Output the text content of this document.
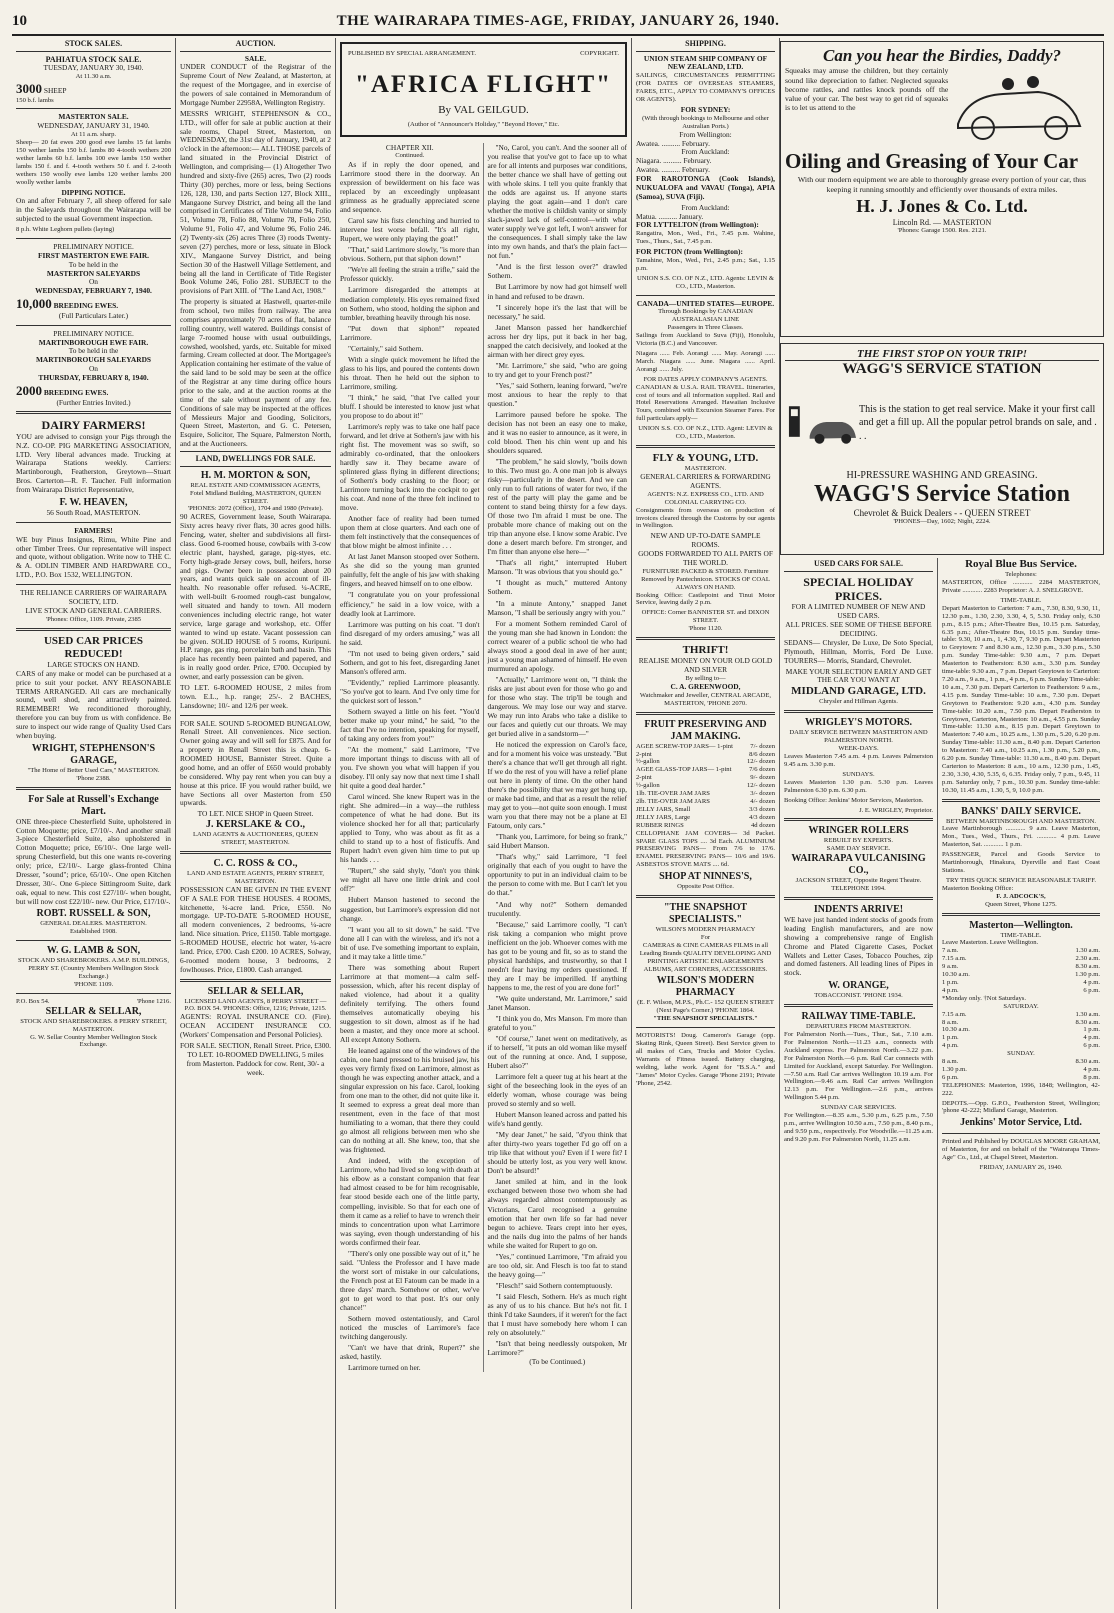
10	THE WAIRARAPA TIMES-AGE, FRIDAY, JANUARY 26, 1940.
STOCK SALES.
PAHIATUA STOCK SALE.
TUESDAY, JANUARY 30, 1940.
At 11.30 a.m.
3000 SHEEP
150 b.f. lambs
MASTERTON SALE.
WEDNESDAY, JANUARY 31, 1940.
At 11 a.m. sharp.

Sheep— 20 fat ewes 200 good ewe lambs 15 fat lambs 150 wether lambs 150 b.f. lambs 80 4-tooth wethers 200 wether lambs 60 b.f. lambs 100 ewe lambs 150 wether lambs 150 f. and f. 4-tooth wethers 50 f. and f. 2-tooth wethers 150 woolly ewe lambs 120 wether lambs 200 woolly wether lambs

DIPPING NOTICE.

On and after February 7, all sheep offered for sale in the Saleyards throughout the Wairarapa will be subjected to the usual Government inspection.

8 p.h. White Leghorn pullets (laying)

PRELIMINARY NOTICE.
FIRST MASTERTON EWE FAIR.
To be held in the
MASTERTON SALEYARDS
On
WEDNESDAY, FEBRUARY 7, 1940.
10,000 BREEDING EWES.
(Full Particulars Later.)
PRELIMINARY NOTICE.
MARTINBOROUGH EWE FAIR.
To be held in the
MARTINBOROUGH SALEYARDS
On
THURSDAY, FEBRUARY 8, 1940.
2000 BREEDING EWES.
(Further Entries Invited.)
DAIRY FARMERS!

YOU are advised to consign your Pigs through the N.Z. CO-OP. PIG MARKETING ASSOCIATION, LTD. Very liberal advances made. Trucking at Wairarapa Stations weekly. Carriers: Martinborough, Featherston, Greytown—Stuart Bros. Carterton—R. F. Taucher. Full information from Wairarapa District Representative,

F. W. HEAVEN,
56 South Road, MASTERTON.
FARMERS!

WE buy Pinus Insignus, Rimu, White Pine and other Timber Trees. Our representative will inspect and quote, without obligation. Write now to THE C. & A. ODLIN TIMBER AND HARDWARE CO., LTD., P.O. Box 1532, WELLINGTON.

THE RELIANCE CARRIERS OF WAIRARAPA SOCIETY, LTD.
LIVE STOCK AND GENERAL CARRIERS.
'Phones: Office, 1109. Private, 2385
USED CAR PRICES REDUCED!
LARGE STOCKS ON HAND.

CARS of any make or model can be purchased at a price to suit your pocket. ANY REASONABLE TERMS ARRANGED. All cars are mechanically sound, well shod, and attractively painted. REMEMBER! We reconditioned thoroughly, therefore you can buy from us with confidence. Be sure to inspect our wide range of Quality Used Cars when buying.

WRIGHT, STEPHENSON'S GARAGE,
"The Home of Better Used Cars," MASTERTON.
'Phone 2388.
For Sale at Russell's Exchange Mart.

ONE three-piece Chesterfield Suite, upholstered in Cotton Moquette; price, £7/10/-. And another small 3-piece Chesterfield Suite, also upholstered in Cotton Moquette; price, £6/10/-. One large well-sprung Chesterfield, but this one wants re-covering only; price, £2/10/-. Large glass-fronted China Dresser, "sound"; price, 65/10/-. One open Kitchen Dresser, 30/-. One 6-piece Sittingroom Suite, dark oak, equal to new. This cost £27/10/- when bought, but will now cost £22/10/- new. Our Price, £17/10/-.

ROBT. RUSSELL & SON,
GENERAL DEALERS. MASTERTON.
Established 1908.
W. G. LAMB & SON,
STOCK AND SHAREBROKERS. A.M.P. BUILDINGS, PERRY ST. (Country Members Wellington Stock Exchange.)
'PHONE 1109.
P.O. Box 54.	'Phone 1216.
SELLAR & SELLAR,
STOCK AND SHAREBROKERS. 8 PERRY STREET, MASTERTON.
G. W. Sellar Country Member Wellington Stock Exchange.
AUCTION.
SALE.

UNDER CONDUCT of the Registrar of the Supreme Court of New Zealand, at Masterton, at the request of the Mortgagee, and in exercise of the powers of sale contained in Memorandum of Mortgage Number 22958A, Wellington Registry.

MESSRS WRIGHT, STEPHENSON & CO., LTD., will offer for sale at public auction at their sale rooms, Chapel Street, Masterton, on WEDNESDAY, the 31st day of January, 1940, at 2 o'clock in the afternoon:— ALL THOSE parcels of land situated in the Provincial District of Wellington, and comprising— (1) Altogether Two hundred and sixty-five (265) acres, Two (2) roods Thirty (30) perches, more or less, being Sections 126, 128, 130, and parts Section 127, Block XIII., Mangaone Survey District, and being all the land comprised in Certificates of Title Volume 94, Folio 51, Volume 78, Folio 88, Volume 78, Folio 250, Volume 91, Folio 47, and Volume 96, Folio 246. (2) Twenty-six (26) acres Three (3) roods Twenty-seven (27) perches, more or less, situate in Block XIV., Mangaone Survey District, and being Section 30 of the Hastwell Village Settlement, and being all the land in Certificate of Title Register Book Volume 246, Folio 281. SUBJECT to the provisions of Part XIII. of "The Land Act, 1908."

The property is situated at Hastwell, quarter-mile from school, two miles from railway. The area comprises approximately 70 acres of flat, balance rolling country, well watered. Buildings consist of large 7-roomed house with usual outbuildings, cowshed, woolshed, yards, etc. Suitable for mixed farming. Cream collected at door. The Mortgagee's Application containing her estimate of the value of the said land to be sold may be seen at the office of the Registrar at any time during office hours prior to the sale, and at the auction rooms at the time of the sale without payment of any fee. Conditions of sale may be inspected at the offices of Messieurs Major and Gooding, Solicitors, Queen Street, Masterton, and G. C. Petersen, Esquire, Solicitor, The Square, Palmerston North, and at the Auctioneers.

LAND, DWELLINGS FOR SALE.
H. M. MORTON & SON,
REAL ESTATE AND COMMISSION AGENTS,
Fotel Midland Building, MASTERTON, QUEEN STREET.
'PHONES: 2072 (Office), 1704 and 1980 (Private).

90 ACRES, Government lease, South Wairarapa. Sixty acres heavy river flats, 30 acres good hills. Fencing, water, shelter and subdivisions all first-class. Good 6-roomed house, cowbails with 3-cow electric plant, hayshed, garage, pig-styes, etc. Forty high-grade Jersey cows, bull, heifers, horse and pigs. Owner been in possession about 20 years, and wants quick sale on account of ill-health. No reasonable offer refused. ¼-ACRE, with well-built 6-roomed rough-cast bungalow, well situated and handy to town. All modern conveniences including electric range, hot water service, large garage and workshop, etc. Offer wanted to wind up estate. Vacant possession can be given. SOLID HOUSE of 5 rooms, Kuripuni. H.P. range, gas ring, porcelain bath and basin. This place has recently been painted and papered, and is in really good order. Price, £700. Occupied by owner, and early possession can be given.

TO LET. 6-ROOMED HOUSE, 2 miles from town. E.L., h.p. range; 25/-. 2 BACHES, Lansdowne; 10/- and 12/6 per week.

FOR SALE. SOUND 5-ROOMED BUNGALOW, Renall Street. All conveniences. Nice section. Owner going away and will sell for £875. And for a property in Renall Street this is cheap. 6-ROOMED HOUSE, Bannister Street. Quite a good home, and an offer of £650 would probably be considered. Why pay rent when you can buy a house at this price. IF you would rather build, we have Sections all over Masterton from £50 upwards.

TO LET. NICE SHOP in Queen Street.
J. KERSLAKE & CO.,
LAND AGENTS & AUCTIONEERS, QUEEN STREET, MASTERTON.
C. C. ROSS & CO.,
LAND AND ESTATE AGENTS, PERRY STREET, MASTERTON.

POSSESSION CAN BE GIVEN IN THE EVENT OF A SALE FOR THESE HOUSES. 4 ROOMS, kitchenette, ¼-acre land. Price, £550. No mortgage. UP-TO-DATE 5-ROOMED HOUSE, all modern conveniences, 2 bedrooms, ¼-acre land. Nice situation. Price, £1150. Table mortgage. 5-ROOMED HOUSE, electric hot water, ¼-acre land. Price, £700. Cash £200. 10 ACRES, Solway, 6-roomed modern house, 3 bedrooms, 2 fowlhouses. Price, £1800. Cash arranged.

SELLAR & SELLAR,
LICENSED LAND AGENTS, 8 PERRY STREET — P.O. BOX 54. 'PHONES: Office, 1216; Private, 1215.

AGENTS: ROYAL INSURANCE CO. (Fire). OCEAN ACCIDENT INSURANCE CO. (Workers' Compensation and Personal Policies).

FOR SALE. SECTION, Renall Street. Price, £300.
TO LET. 10-ROOMED DWELLING, 5 miles from Masterton. Paddock for cow. Rent, 30/- a week.
PUBLISHED BY SPECIAL ARRANGEMENT.	COPYRIGHT.
"AFRICA FLIGHT"
By VAL GEILGUD.
(Author of "Announcer's Holiday," "Beyond Hover," Etc.
CHAPTER XII.
Continued.

As if in reply the door opened, and Larrimore stood there in the doorway. An expression of bewilderment on his face was replaced by an exceedingly unpleasant grimness as he gradually appreciated scene and sequence.

Carol saw his fists clenching and hurried to intervene lest worse befall. "It's all right, Rupert, we were only playing the goat!"

"That," said Larrimore slowly, "is more than obvious. Sothern, put that siphon down!"

"We're all feeling the strain a trifle," said the Professor quickly.

Larrimore disregarded the attempts at mediation completely. His eyes remained fixed on Sothern, who stood, holding the siphon and tumbler, breathing heavily through his nose.

"Put down that siphon!" repeated Larrimore.

"Certainly," said Sothern.

With a single quick movement he lifted the glass to his lips, and poured the contents down his throat. Then he held out the siphon to Larrimore, smiling.

"I think," he said, "that I've called your bluff. I should be interested to know just what you propose to do about it!"

Larrimore's reply was to take one half pace forward, and let drive at Sothern's jaw with his right fist. The movement was so swift, so admirably co-ordinated, that the onlookers hardly saw it. They became aware of splintered glass flying in different directions; of Sothern's body crashing to the floor; or Larrimore turning back into the cockpit to get his coat. And none of the three felt inclined to move.

Another face of reality had been turned upon them at close quarters. And each one of them felt instinctively that the consequences of that blow might be almost infinite . . .

At last Janet Manson stooped over Sothern. As she did so the young man grunted painfully, felt the angle of his jaw with shaking fingers, and heaved himself on to one elbow.

"I congratulate you on your professional efficiency," he said in a low voice, with a deadly look at Larrimore.

Larrimore was putting on his coat. "I don't find disregard of my orders amusing," was all he said.

"I'm not used to being given orders," said Sothern, and got to his feet, disregarding Janet Manson's offered arm.

"Evidently," replied Larrimore pleasantly. "So you've got to learn. And I've only time for the quickest sort of lesson."

Sothern swayed a little on his feet. "You'd better make up your mind," he said, "to the fact that I've no intention, speaking for myself, of taking any orders from you!"

"At the moment," said Larrimore, "I've more important things to discuss with all of you. I've shown you what will happen if you disobey. I'll only say now that next time I shall hit quite a good deal harder."

Carol winced. She knew Rupert was in the right. She admired—in a way—the ruthless competence of what he had done. But its violence shocked her for all that; particularly applied to Tony, who was about as fit as a child to stand up to a host of fisticuffs. And Rupert hadn't even given him time to put up his hands . . .

"Rupert," she said shyly, "don't you think we might all have one little drink and cool off?"

Hubert Manson hastened to second the suggestion, but Larrimore's expression did not change.

"I want you all to sit down," he said. "I've done all I can with the wireless, and it's not a bit of use. I've something important to explain, and it may take a little time."

There was something about Rupert Larrimore at that moment—a calm self-possession, which, after his recent display of naked violence, had about it a quality definitely terrifying. The others found themselves automatically obeying his suggestion to sit down, almost as if he had been a master, and they once more at school. All except Antony Sothern.

He leaned against one of the windows of the cabin, one hand pressed to his bruised jaw, his eyes very firmly fixed on Larrimore, almost as though he was expecting another attack, and a singular expression on his face. Carol, looking from one man to the other, did not quite like it. It seemed to express a great deal more than resentment, even in the face of that most humiliating to a woman, that there they could go almost all religions between men who she can do nothing at all. She knew, too, that she was frightened.

And indeed, with the exception of Larrimore, who had lived so long with death at his elbow as a constant companion that fear had almost ceased to be for him recognisable, fear stood beside each one of the little party, compelling, invisible. So that for each one of them it came as a relief to have to wrench their minds to concentration upon what Larrimore was saying, even though understanding of his words confirmed their fear.

"There's only one possible way out of it," he said. "Unless the Professor and I have made the worst sort of mistake in our calculations, the French post at El Fatoum can be made in a three days' march. Somehow or other, we've got to get word to that post. It's our only chance!"

Sothern moved ostentatiously, and Carol noticed the muscles of Larrimore's face twitching dangerously.

"Can't we have that drink, Rupert?" she asked, hastily.

Larrimore turned on her.

"No, Carol, you can't. And the sooner all of you realise that you've got to face up to what are for all intents and purposes war conditions, the better chance we shall have of getting out with whole skins. I tell you quite frankly that the odds are against us. If anyone starts playing the goat again—and I don't care whether the motive is childish vanity or simply slack-jawed lack of self-control—with what water supply we've got left, I won't answer for the consequences. I shall simply take the law into my own hands, and that's the plain fact—not fun."

"And is the first lesson over?" drawled Sothern.

But Larrimore by now had got himself well in hand and refused to be drawn.

"I sincerely hope it's the last that will be necessary," he said.

Janet Manson passed her handkerchief across her dry lips, put it back in her bag, snapped the catch decisively, and looked at the airman with her direct grey eyes.

"Mr. Larrimore," she said, "who are going to try and get to your French post?"

"Yes," said Sothern, leaning forward, "we're most anxious to hear the reply to that question."

Larrimore paused before he spoke. The decision has not been an easy one to make, and it was no easier to announce, as it were, in cold blood. Then his chin went up and his shoulders squared.

"The problem," he said slowly, "boils down to this. Two must go. A one man job is always risky—particularly in the desert. And we can only run to full rations of water for two, if the rest of the party will play the game and be content to stand being thirsty for a few days. Of those two I'm afraid I must be one. The probable more chance of making out on the trip than anyone else. I know some Arabic. I've done a desert march before. I'm stronger, and I'm fitter than anyone else here—"

"That's all right," interrupted Hubert Manson. "It was obvious that you should go."

"I thought as much," muttered Antony Sothern.

"In a minute Antony," snapped Janet Manson, "I shall be seriously angry with you."

For a moment Sothern reminded Carol of the young man she had known in London: the correct wearer of a public school tie who had always stood a good deal in awe of her aunt; just a young man ashamed of himself. He even murmured an apology.

"Actually," Larrimore went on, "I think the risks are just about even for those who go and for those who stay. The trip'll be tough and dangerous. We may lose our way and starve. We may run into Arabs who take a dislike to our faces and quietly cut our throats. We may get buried alive in a sandstorm—"

He noticed the expression on Carol's face, and for a moment his voice was unsteady. "But there's a chance that we'll get through all right. If we do the rest of you will have a relief plane out here in plenty of time. On the other hand there's the possibility that we may get hung up, or make bad time, and that as a result the relief may get to you—not quite soon enough. I must warn you that there may not be a plane at El Fatoum, only cars."

"Thank you, Larrimore, for being so frank," said Hubert Manson.

"That's why," said Larrimore, "I feel originally that each of you ought to have the opportunity to put in an individual claim to be the person to come with me. But I can't let you do that."

"And why not?" Sothern demanded truculently.

"Because," said Larrimore coolly, "I can't risk taking a companion who might prove inefficient on the job. Whoever comes with me has got to be young and fit, so as to stand the physical hardships, and trustworthy, so that I needn't fear having my orders questioned. If they are I may be imperilled. If anything happens to me, the rest of you are done for!"

"We quite understand, Mr. Larrimore," said Janet Manson.

"I think you do, Mrs Manson. I'm more than grateful to you."

"Of course," Janet went on meditatively, as if to herself, "it puts an old woman like myself out of the running at once. And, I suppose, Hubert also?"

Larrimore felt a queer tug at his heart at the sight of the beseeching look in the eyes of an elderly woman, whose courage was being proved so sternly and so well.

Hubert Manson leaned across and patted his wife's hand gently.

"My dear Janet," he said, "d'you think that after thirty-two years together I'd go off on a trip like that without you? Even if I were fit? I should be utterly lost, as you very well know. Don't be absurd!"

Janet smiled at him, and in the look exchanged between those two whom she had always regarded almost contemptuously as Victorians, Carol recognised a genuine emotion that her own life so far had never begun to achieve. Tears crept into her eyes, and the nails dug into the palms of her hands while she waited for Rupert to go on.

"Yes," continued Larrimore, "I'm afraid you are too old, sir. And Flesch is too fat to stand the heavy going—"

"Flesch!" said Sothern contemptuously.

"I said Flesch, Sothern. He's as much right as any of us to his chance. But he's not fit. I think I'd take Saunders, if it weren't for the fact that I must have somebody here whom I can rely on absolutely."

"Isn't that being needlessly outspoken, Mr Larrimore?"

(To be Continued.)
SHIPPING.
UNION STEAM SHIP COMPANY OF NEW ZEALAND, LTD.

SAILINGS, CIRCUMSTANCES PERMITTING (FOR DATES OF OVERSEAS STEAMERS, FARES, ETC., APPLY TO COMPANY'S OFFICES OR AGENTS).

FOR SYDNEY:
(With through bookings to Melbourne and other Australian Ports.)
From Wellington:
Awatea. .......... February.
From Auckland:
Niagara. .......... February.
Awatea. .......... February.

FOR RAROTONGA (Cook Islands), NUKUALOFA and VAVAU (Tonga), APIA (Samoa), SUVA (Fiji).

From Auckland:
Matua. .......... January.
FOR LYTTELTON (from Wellington):

Rangatira, Mon., Wed., Fri., 7.45 p.m. Wahine, Tues., Thurs., Sat., 7.45 p.m.

FOR PICTON (from Wellington):

Tamahine, Mon., Wed., Fri., 2.45 p.m.; Sat., 1.15 p.m.

UNION S.S. CO. OF N.Z., LTD. Agents: LEVIN & CO., LTD., Masterton.
CANADA—UNITED STATES—EUROPE.
Through Bookings by CANADIAN AUSTRALASIAN LINE
Passengers in Three Classes.

Sailings from Auckland to Suva (Fiji), Honolulu, Victoria (B.C.) and Vancouver.

Niagara ...... Feb. Aorangi ...... May. Aorangi ...... March. Niagara ...... June. Niagara ...... April. Aorangi ...... July.

FOR DATES APPLY COMPANY'S AGENTS.

CANADIAN & U.S.A. RAIL TRAVEL. Itineraries, cost of tours and all information supplied. Rail and Hotel Reservations Arranged. Hawaiian Inclusive Tours, combined with Excursion Steamer Fares. For full particulars apply—

UNION S.S. CO. OF N.Z., LTD. Agent: LEVIN & CO., LTD., Masterton.
FLY & YOUNG, LTD.
MASTERTON.
GENERAL CARRIERS & FORWARDING AGENTS.
AGENTS: N.Z. EXPRESS CO., LTD. AND COLONIAL CARRYING CO.

Consignments from overseas on production of invoices cleared through the Customs by our agents in Wellington.

NEW AND UP-TO-DATE SAMPLE ROOMS.
GOODS FORWARDED TO ALL PARTS OF THE WORLD.
FURNITURE PACKED & STORED. Furniture Removed by Pantechnicon. STOCKS OF COAL ALWAYS ON HAND.

Booking Office: Castlepoint and Tinui Motor Service, leaving daily 2 p.m.

OFFICE: Corner BANNISTER ST. and DIXON STREET.
'Phone 1120.
THRIFT!
REALISE MONEY ON YOUR OLD GOLD AND SILVER
By selling to—
C. A. GREENWOOD,
Watchmaker and Jeweller, CENTRAL ARCADE, MASTERTON, 'PHONE 2070.
FRUIT PRESERVING AND JAM MAKING.
AGEE SCREW-TOP JARS— 1-pint	7/- dozen
2-pint	8/6 dozen
½-gallon	12/- dozen
AGEE GLASS-TOP JARS— 1-pint	7/6 dozen
2-pint	9/- dozen
½-gallon	12/- dozen
1lb. TIE-OVER JAM JARS	3/- dozen
2lb. TIE-OVER JAM JARS	4/- dozen
JELLY JARS, Small	3/3 dozen
JELLY JARS, Large	4/3 dozen
RUBBER RINGS	4d dozen

CELLOPHANE JAM COVERS— 3d Packet. SPARE GLASS TOPS .... 3d Each. ALUMINIUM PRESERVING PANS— From 7/6 to 17/6. ENAMEL PRESERVING PANS— 10/6 and 19/6. ASBESTOS STOVE MATS .... 6d.

SHOP AT NINNES'S,
Opposite Post Office.
"THE SNAPSHOT SPECIALISTS."
WILSON'S MODERN PHARMACY
For

CAMERAS & CINE CAMERAS FILMS in all Leading Brands QUALITY DEVELOPING AND PRINTING ARTISTIC ENLARGEMENTS ALBUMS, ART CORNERS, ACCESSORIES.

WILSON'S MODERN PHARMACY
(E. F. Wilson, M.P.S., Ph.C.- 152 QUEEN STREET
(Next Page's Corner.) 'PHONE 1864.
"THE SNAPSHOT SPECIALISTS."

MOTORISTS! Doug. Cameron's Garage (opp. Skating Rink, Queen Street). Best Service given to all makes of Cars, Trucks and Motor Cycles. Warrants of Fitness issued. Battery charging, welding, lathe work. Agent for "B.S.A." and "James" Motor Cycles. Garage 'Phone 2191; Private 'Phone, 2542.

Can you hear the Birdies, Daddy?

Squeaks may amuse the children, but they certainly sound like depreciation to father. Neglected squeaks become rattles, and rattles knock pounds off the value of your car. The best way to get rid of squeaks is to let us attend to the

Oiling and Greasing of Your Car

With our modern equipment we are able to thoroughly grease every portion of your car, thus keeping it running smoothly and efficiently over thousands of extra miles.

H. J. Jones & Co. Ltd.
Lincoln Rd. — MASTERTON
'Phones: Garage 1500. Res. 2121.
THE FIRST STOP ON YOUR TRIP!
WAGG'S SERVICE STATION

This is the station to get real service. Make it your first call and get a fill up. All the popular petrol brands on sale, and . . .

HI-PRESSURE WASHING AND GREASING.
WAGG'S Service Station
Chevrolet & Buick Dealers - - QUEEN STREET
'PHONES—Day, 1602; Night, 2224.
USED CARS FOR SALE.
SPECIAL HOLIDAY PRICES.
FOR A LIMITED NUMBER OF NEW AND USED CARS.
ALL PRICES. SEE SOME OF THESE BEFORE DECIDING.

SEDANS— Chrysler, De Luxe, De Soto Special, Plymouth, Hillman, Morris, Ford De Luxe. TOURERS— Morris, Standard, Chevrolet.

MAKE YOUR SELECTION EARLY AND GET THE CAR YOU WANT AT
MIDLAND GARAGE, LTD.
Chrysler and Hillman Agents.
WRIGLEY'S MOTORS.
DAILY SERVICE BETWEEN MASTERTON AND PALMERSTON NORTH.
WEEK-DAYS.

Leaves Masterton 7.45 a.m. 4 p.m. Leaves Palmerston 9.45 a.m. 3.30 p.m.

SUNDAYS.

Leaves Masterton 1.30 p.m. 5.30 p.m. Leaves Palmerston 6.30 p.m. 6.30 p.m.

Booking Office: Jenkins' Motor Services, Masterton.

J. E. WRIGLEY, Proprietor.
WRINGER ROLLERS
REBUILT BY EXPERTS.
SAME DAY SERVICE.
WAIRARAPA VULCANISING CO.,
JACKSON STREET, Opposite Regent Theatre.
TELEPHONE 1994.
INDENTS ARRIVE!

WE have just handed indent stocks of goods from leading English manufacturers, and are now showing a comprehensive range of English Chrome and Plated Cigarette Cases, Pocket Wallets and Letter Cases, Tobacco Pouches, zip and domed fasteners. All leading lines of Pipes in stock.

W. ORANGE,
TOBACCONIST. 'PHONE 1934.
RAILWAY TIME-TABLE.
DEPARTURES FROM MASTERTON.

For Palmerston North.—Tues., Thur., Sat., 7.10 a.m. For Palmerston North.—11.23 a.m., connects with Auckland express. For Palmerston North.—3.22 p.m. For Palmerston North.—6 p.m. Rail Car connects with Limited for Auckland, except Saturday. For Wellington.—7.50 a.m. Rail Car arrives Wellington 10.19 a.m. For Wellington.—9.46 a.m. Rail Car arrives Wellington 12.13 p.m. For Wellington.—2.6 p.m., arrives Wellington 5.44 p.m.

SUNDAY CAR SERVICES.

For Wellington.—8.35 a.m., 5.30 p.m., 6.25 p.m., 7.50 p.m., arrive Wellington 10.50 a.m., 7.50 p.m., 8.40 p.m., and 9.59 p.m., respectively. For Woodville.—11.25 a.m. and 9.20 p.m. For Palmerston North, 11.25 a.m.

Royal Blue Bus Service.
Telephones:

MASTERTON, Office ............ 2284 MASTERTON, Private ............ 2283 Proprietor: A. J. SNELGROVE.

TIME-TABLE.

Depart Masterton to Carterton: 7 a.m., 7.30, 8.30, 9.30, 11, 12.30 p.m., 1.30, 2.30, 3.30, 4, 5, 5.30. Friday only, 6.30 p.m., 8.15 p.m.; After-Theatre Bus, 10.15 p.m. Saturday, 6.35 p.m.; After-Theatre Bus, 10.15 p.m. Sunday time-table: 9.30, 10 a.m., 1, 4.30, 7, 9.30 p.m. Depart Masterton to Greytown: 7 and 8.30 a.m., 12.30 p.m., 3.30 p.m., 5.30 p.m. Sunday Time-table: 9.30 a.m., 7 p.m. Depart Masterton to Featherston: 8.30 a.m., 3.30 p.m. Sunday time-table: 9.30 a.m., 7 p.m. Depart Greytown to Carterton: 7.20 a.m., 9 a.m., 1 p.m., 4 p.m., 6 p.m. Sunday Time-table: 10 a.m., 7.30 p.m. Depart Carterton to Featherston: 9 a.m., 4.15 p.m. Sunday Time-table: 10 a.m., 7.30 p.m. Depart Greytown to Featherston: 9.20 a.m., 4.30 p.m. Sunday Time-table: 10.20 a.m., 7.50 p.m. Depart Featherston to Greytown, Carterton, Masterton: 10 a.m., 4.55 p.m. Sunday Time-table: 11.30 a.m., 8.15 p.m. Depart Greytown to Masterton: 7.40 a.m., 10.25 a.m., 1.30 p.m., 5.20, 6.20 p.m. Sunday Time-table: 11.30 a.m., 8.40 p.m. Depart Carterton to Masterton: 7.40 a.m., 10.25 a.m., 1.30 p.m., 5.20 p.m., 6.20 p.m. Sunday Time-table: 11.30 a.m., 8.40 p.m. Depart Carterton to Masterton: 8 a.m., 10 a.m., 12.30 p.m., 1.45, 2.30, 3.30, 4.30, 5.35, 6, 6.35. Friday only, 7 p.m., 9.45, 11 p.m. Saturday only, 7 p.m., 10.30 p.m. Sunday time-table: 10.30, 11.45 a.m., 1.30, 5, 9, 10.0 p.m.

BANKS' DAILY SERVICE.
BETWEEN MARTINBOROUGH AND MASTERTON.

Leave Martinborough ............ 9 a.m. Leave Masterton, Mon., Tues., Wed., Thurs., Fri. ............ 4 p.m. Leave Masterton, Sat. ............ 1 p.m.

PASSENGER, Parcel and Goods Service to Martinborough, Hinakura, Dyerville and East Coast Stations.

TRY THIS QUICK SERVICE REASONABLE TARIFF.
Masterton Booking Office:
F. J. ADCOCK'S,
Queen Street, 'Phone 1275.
Masterton—Wellington.
TIME-TABLE.
Leave Masterton. Leave Wellington.
7 a.m.	1.30 a.m.
7.15 a.m.	2.30 a.m.
9 a.m.	8.30 a.m.
10.30 a.m.	1.30 p.m.
1 p.m.	4 p.m.
4 p.m.	6 p.m.
*Monday only. †Not Saturdays.
SATURDAY.
7.15 a.m.	1.30 a.m.
8 a.m.	8.30 a.m.
10.30 a.m.	1 p.m.
1 p.m.	4 p.m.
4 p.m.	6 p.m.
SUNDAY.
8 a.m.	8.30 a.m.
1.30 p.m.	4 p.m.
6 p.m.	8 p.m.

TELEPHONES: Masterton, 1996, 1848; Wellington, 42-222.

DEPOTS.—Opp. G.P.O., Featherston Street, Wellington; 'phone 42-222; Midland Garage, Masterton.

Jenkins' Motor Service, Ltd.

Printed and Published by DOUGLAS MOORE GRAHAM, of Masterton, for and on behalf of the "Wairarapa Times-Age" Co., Ltd., at Chapel Street, Masterton.

FRIDAY, JANUARY 26, 1940.
